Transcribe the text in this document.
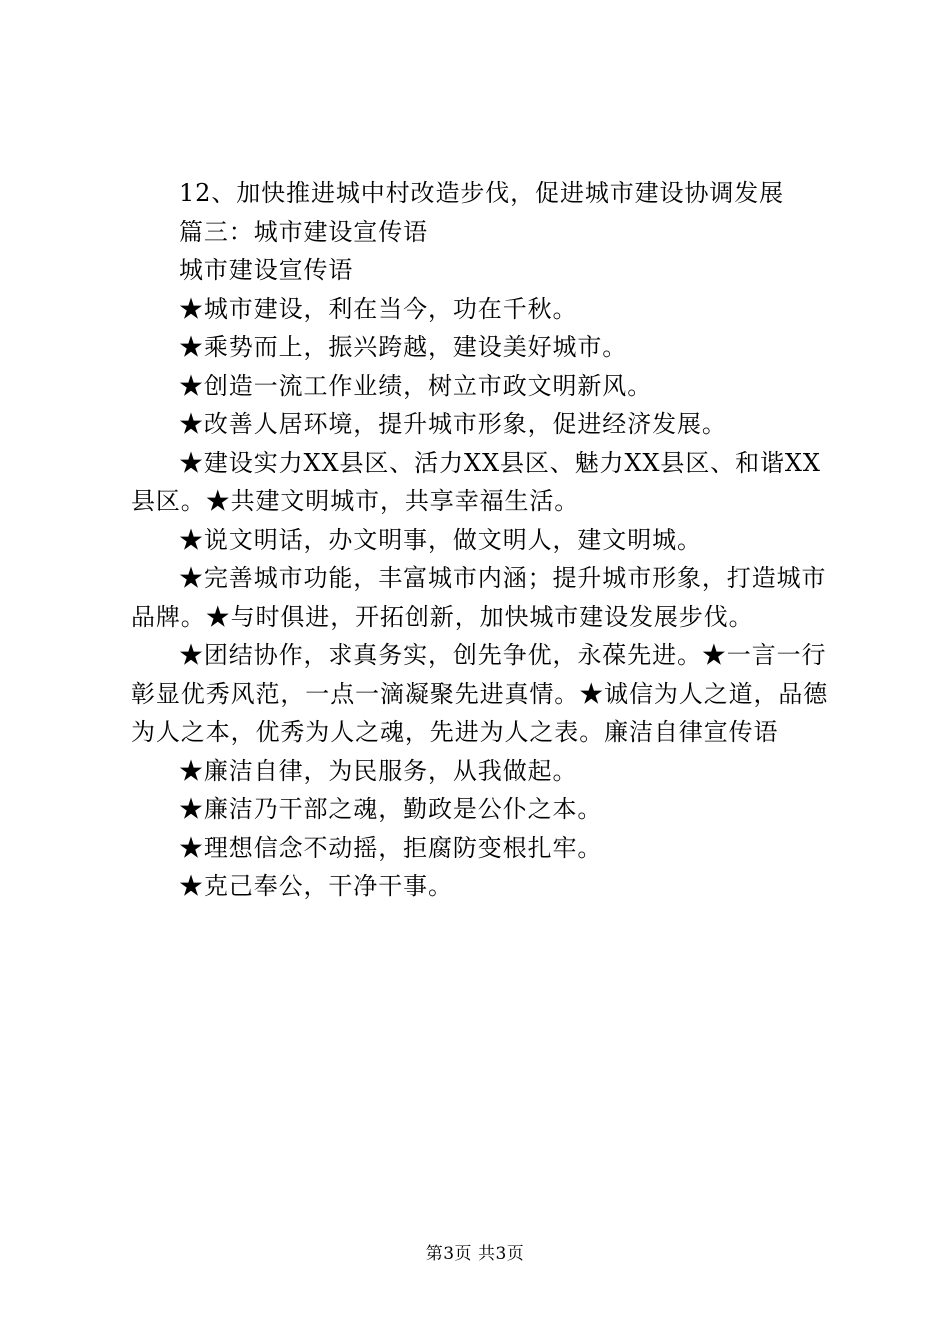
12、加快推进城中村改造步伐，促进城市建设协调发展

篇三：城市建设宣传语

城市建设宣传语

★城市建设，利在当今，功在千秋。

★乘势而上，振兴跨越，建设美好城市。

★创造一流工作业绩，树立市政文明新风。

★改善人居环境，提升城市形象，促进经济发展。

★建设实力XX县区、活力XX县区、魅力XX县区、和谐XX县区。★共建文明城市，共享幸福生活。

★说文明话，办文明事，做文明人，建文明城。

★完善城市功能，丰富城市内涵；提升城市形象，打造城市品牌。★与时俱进，开拓创新，加快城市建设发展步伐。

★团结协作，求真务实，创先争优，永葆先进。★一言一行彰显优秀风范，一点一滴凝聚先进真情。★诚信为人之道，品德为人之本，优秀为人之魂，先进为人之表。廉洁自律宣传语

★廉洁自律，为民服务，从我做起。

★廉洁乃干部之魂，勤政是公仆之本。

★理想信念不动摇，拒腐防变根扎牢。

★克己奉公，干净干事。

第3页 共3页
